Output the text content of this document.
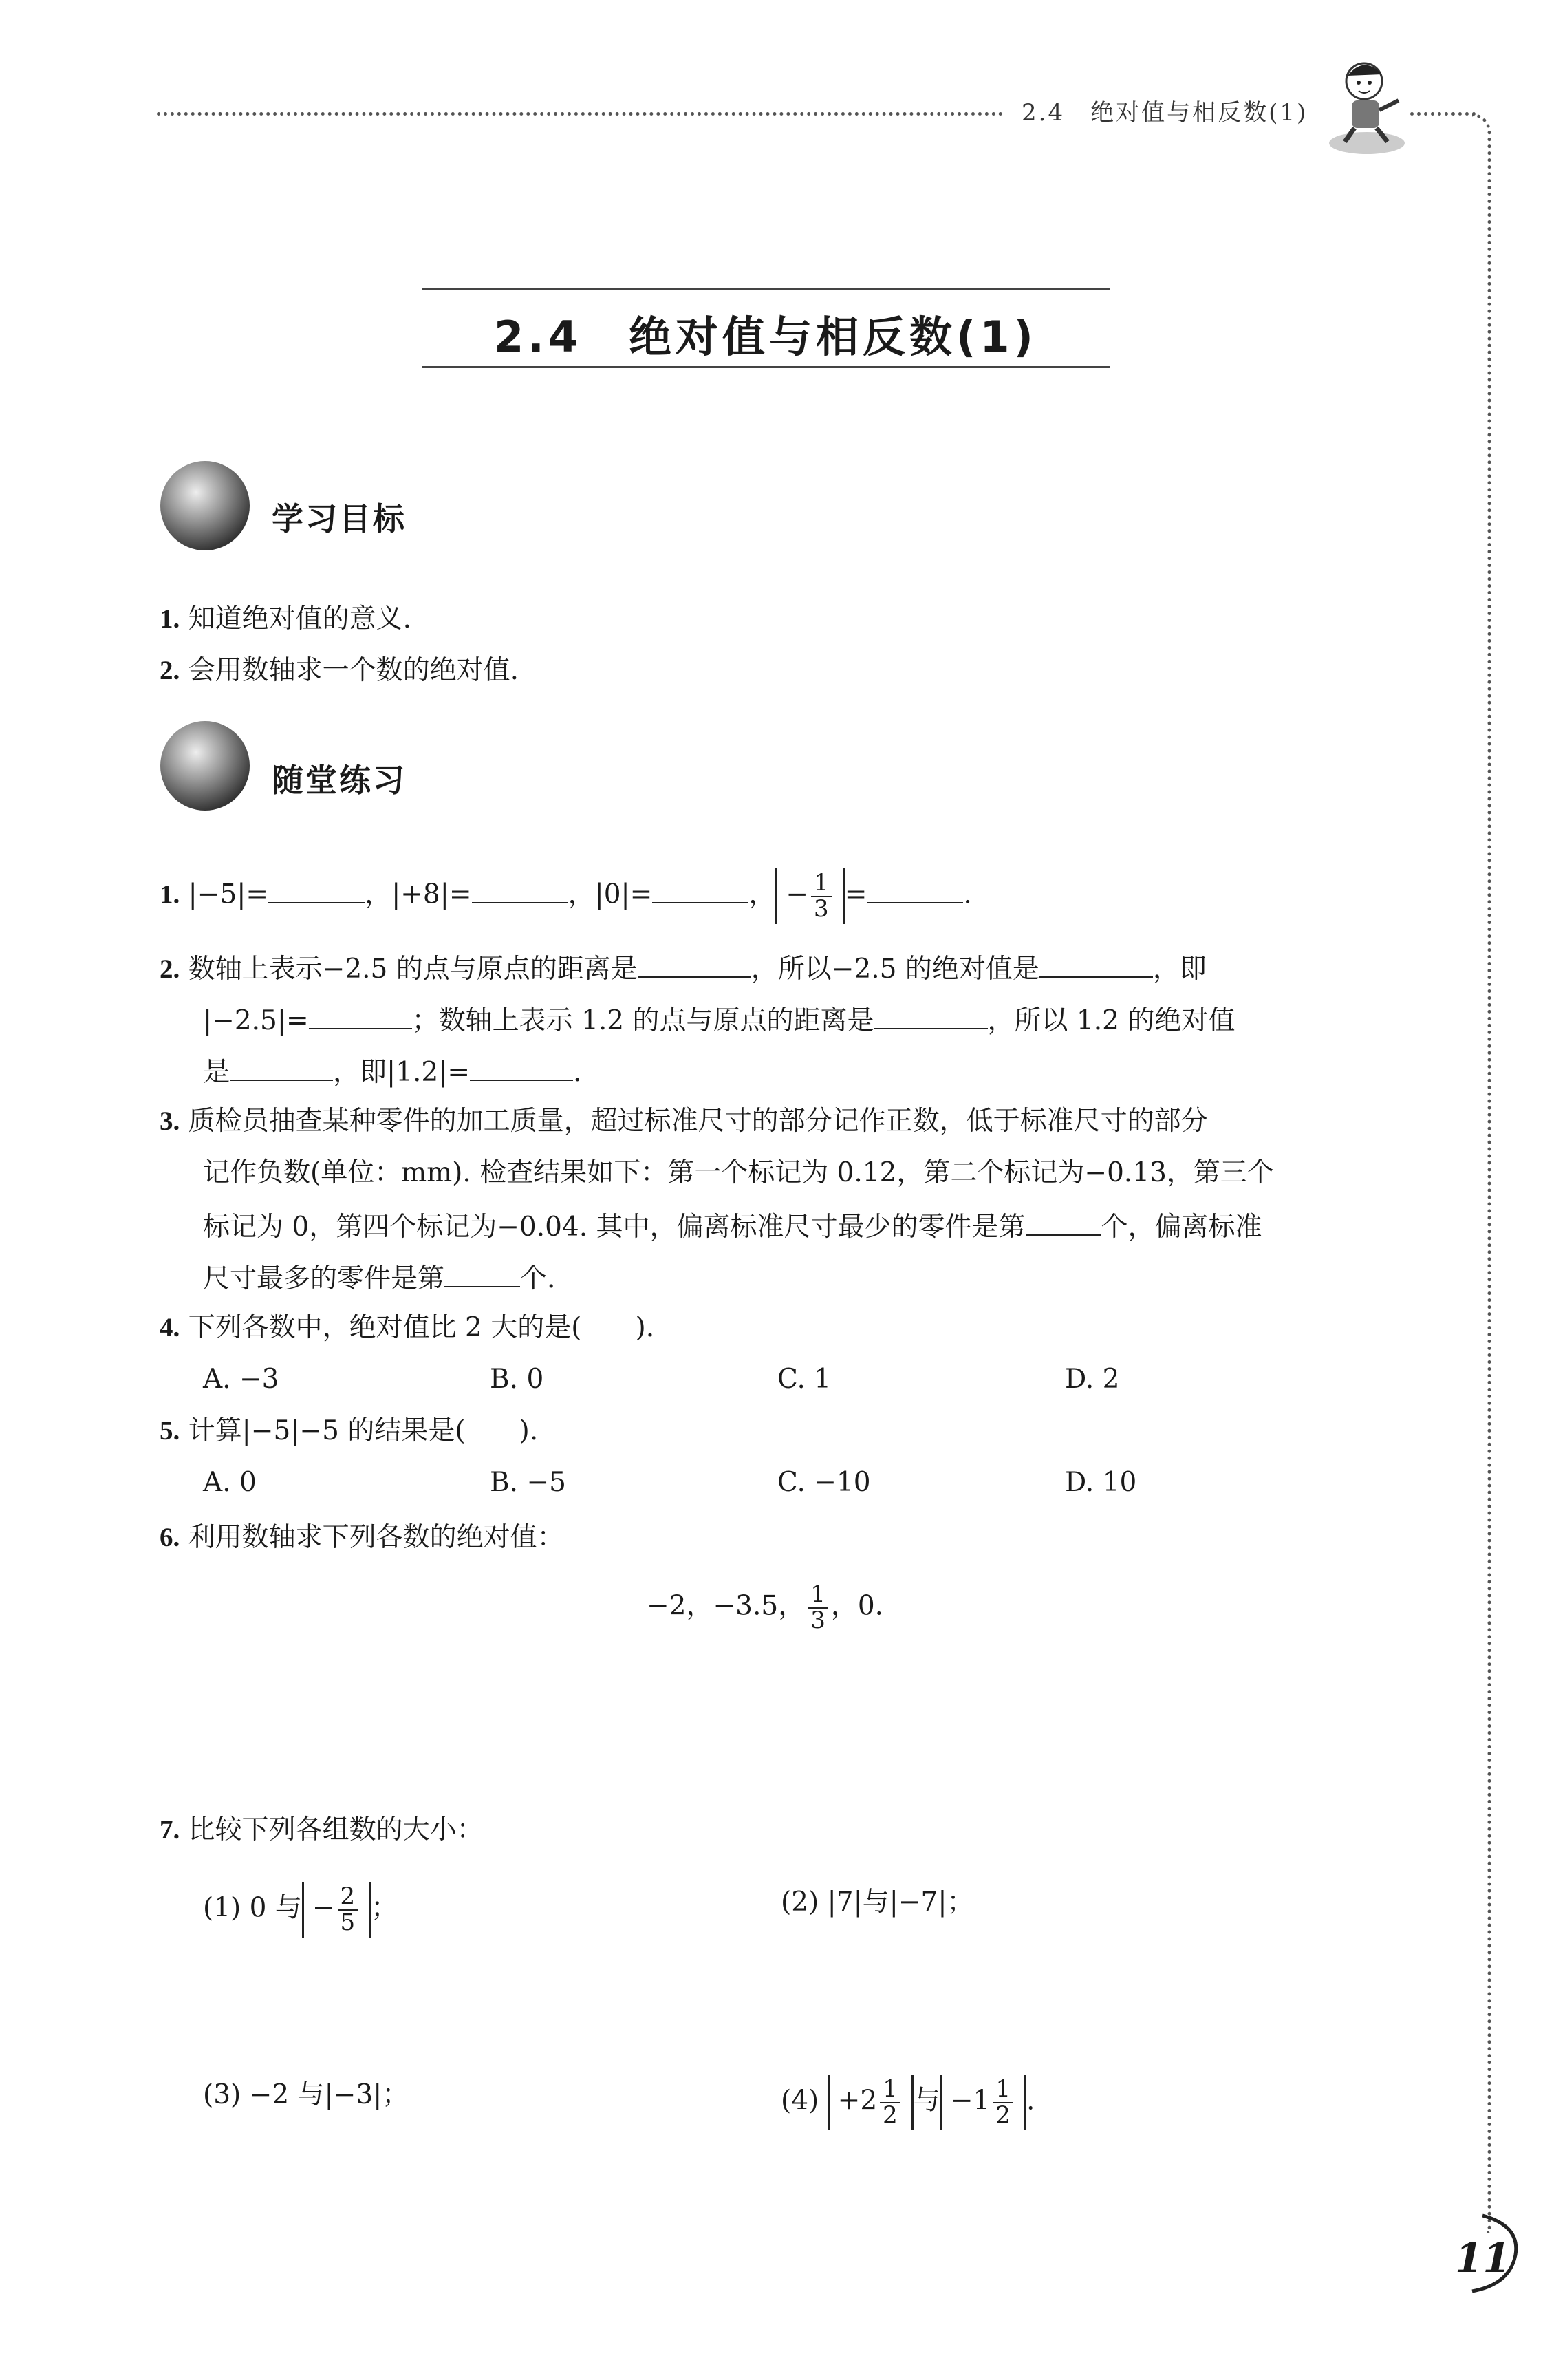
2.4　绝对值与相反数(1)
2.4　绝对值与相反数(1)
学习目标
1. 知道绝对值的意义.
2. 会用数轴求一个数的绝对值.
随堂练习
1. |−5|=	，|+8|=	，|0|=	， − $\frac{1}{3}$ =	.
2. 数轴上表示−2.5 的点与原点的距离是	，所以−2.5 的绝对值是	，即
|−2.5|=	；数轴上表示 1.2 的点与原点的距离是	，所以 1.2 的绝对值
是	，即|1.2|=	.
3. 质检员抽查某种零件的加工质量，超过标准尺寸的部分记作正数，低于标准尺寸的部分
记作负数(单位：mm). 检查结果如下：第一个标记为 0.12，第二个标记为−0.13，第三个
标记为 0，第四个标记为−0.04. 其中，偏离标准尺寸最少的零件是第	个，偏离标准
尺寸最多的零件是第	个.
4. 下列各数中，绝对值比 2 大的是(　　).
A. −3	B. 0	C. 1	D. 2
5. 计算|−5|−5 的结果是(　　).
A. 0	B. −5	C. −10	D. 10
6. 利用数轴求下列各数的绝对值：
−2，−3.5， $\frac{1}{3}$ ，0.
7. 比较下列各组数的大小：
(1) 0 与 − $\frac{2}{5}$ ；	(2) |7|与|−7|；
(3) −2 与|−3|；	$(4) +2 \frac{1}{2}$ 与 $-1 \frac{1}{2}$ .
11
